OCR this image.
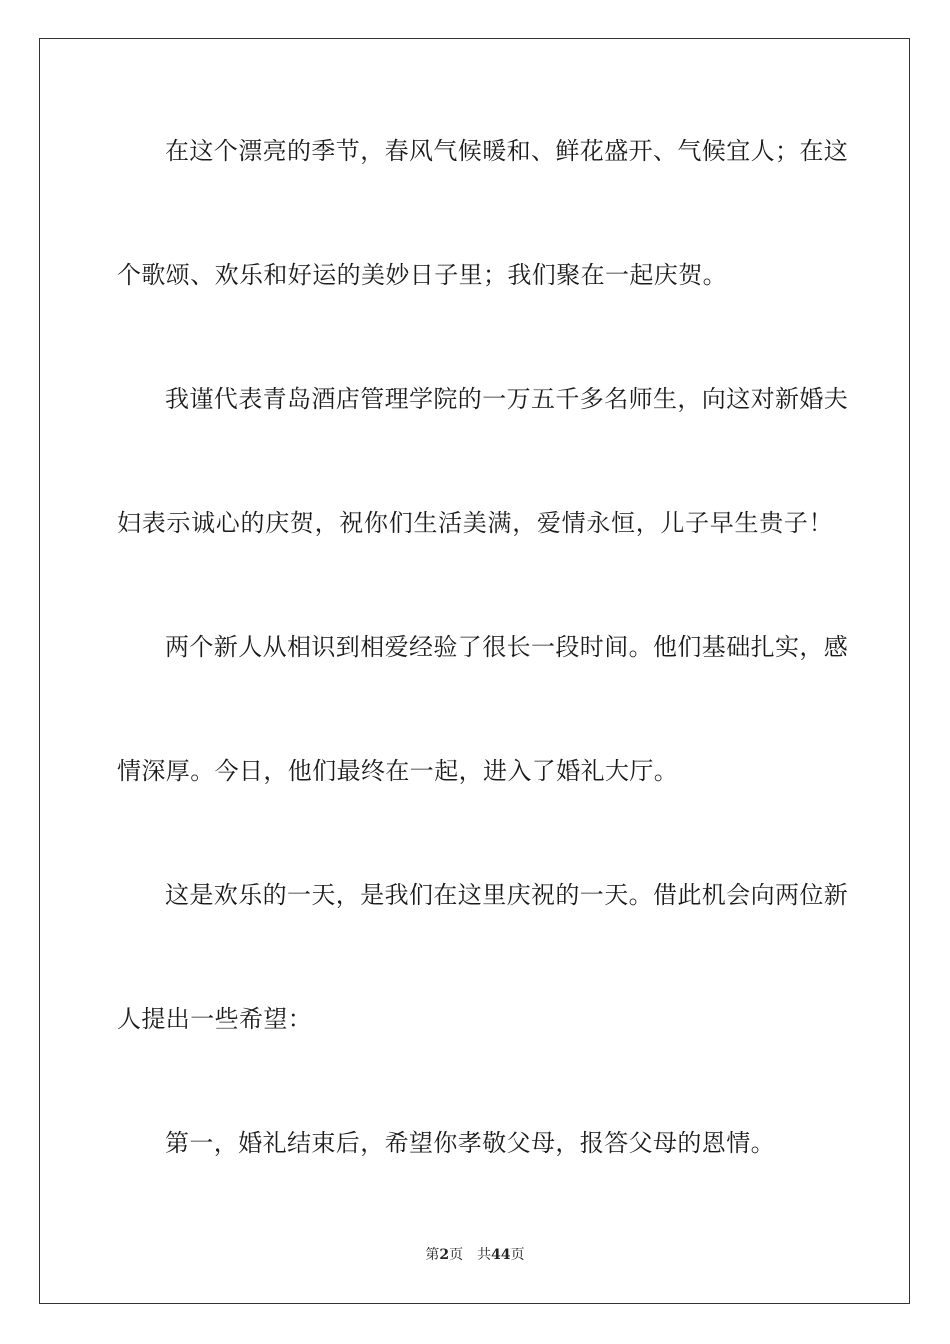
在这个漂亮的季节，春风气候暖和、鲜花盛开、气候宜人；在这
个歌颂、欢乐和好运的美妙日子里；我们聚在一起庆贺。
我谨代表青岛酒店管理学院的一万五千多名师生，向这对新婚夫
妇表示诚心的庆贺，祝你们生活美满，爱情永恒，儿子早生贵子！
两个新人从相识到相爱经验了很长一段时间。他们基础扎实，感
情深厚。今日，他们最终在一起，进入了婚礼大厅。
这是欢乐的一天，是我们在这里庆祝的一天。借此机会向两位新
人提出一些希望：
第一，婚礼结束后，希望你孝敬父母，报答父母的恩情。
第2页 共44页
